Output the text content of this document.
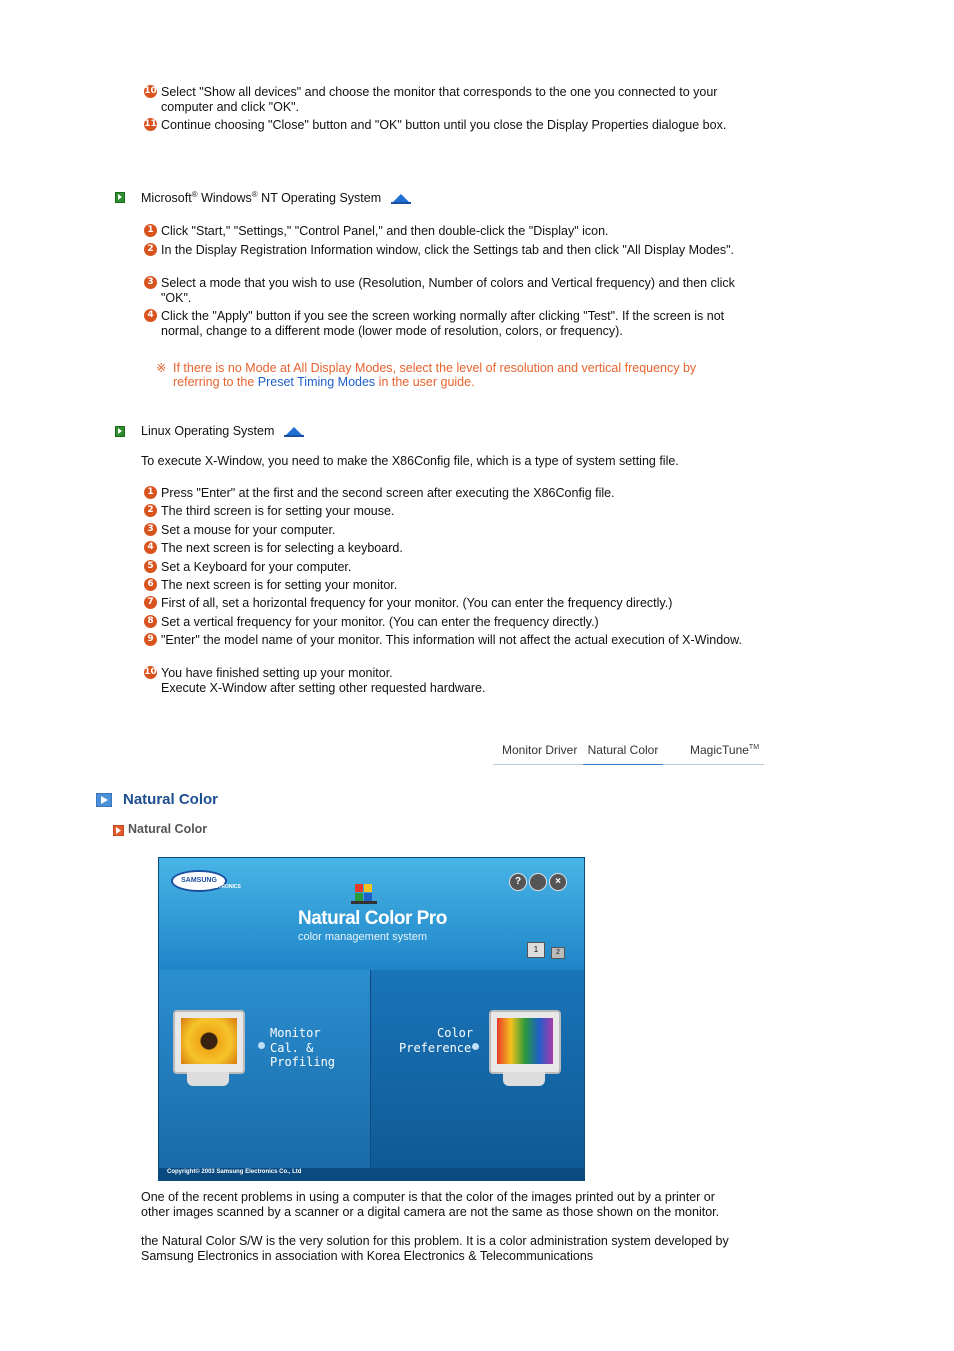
10 Select "Show all devices" and choose the monitor that corresponds to the one you connected to your computer and click "OK".
11 Continue choosing "Close" button and "OK" button until you close the Display Properties dialogue box.
Microsoft® Windows® NT Operating System
1 Click "Start," "Settings," "Control Panel," and then double-click the "Display" icon.
2 In the Display Registration Information window, click the Settings tab and then click "All Display Modes".
3 Select a mode that you wish to use (Resolution, Number of colors and Vertical frequency) and then click "OK".
4 Click the "Apply" button if you see the screen working normally after clicking "Test". If the screen is not normal, change to a different mode (lower mode of resolution, colors, or frequency).
※ If there is no Mode at All Display Modes, select the level of resolution and vertical frequency by referring to the Preset Timing Modes in the user guide.
Linux Operating System
To execute X-Window, you need to make the X86Config file, which is a type of system setting file.
1 Press "Enter" at the first and the second screen after executing the X86Config file.
2 The third screen is for setting your mouse.
3 Set a mouse for your computer.
4 The next screen is for selecting a keyboard.
5 Set a Keyboard for your computer.
6 The next screen is for setting your monitor.
7 First of all, set a horizontal frequency for your monitor. (You can enter the frequency directly.)
8 Set a vertical frequency for your monitor. (You can enter the frequency directly.)
9 "Enter" the model name of your monitor. This information will not affect the actual execution of X-Window.
10 You have finished setting up your monitor.
Execute X-Window after setting other requested hardware.
Monitor Driver Natural Color	MagicTune™
Natural Color
Natural Color
SAMSUNG
ELECTRONICS
Natural Color Pro
color management system
?	×
1	2
Monitor
Cal. & Profiling
Color
Preference
Copyright© 2003 Samsung Electronics Co., Ltd
One of the recent problems in using a computer is that the color of the images printed out by a printer or other images scanned by a scanner or a digital camera are not the same as those shown on the monitor.
the Natural Color S/W is the very solution for this problem. It is a color administration system developed by Samsung Electronics in association with Korea Electronics & Telecommunications
